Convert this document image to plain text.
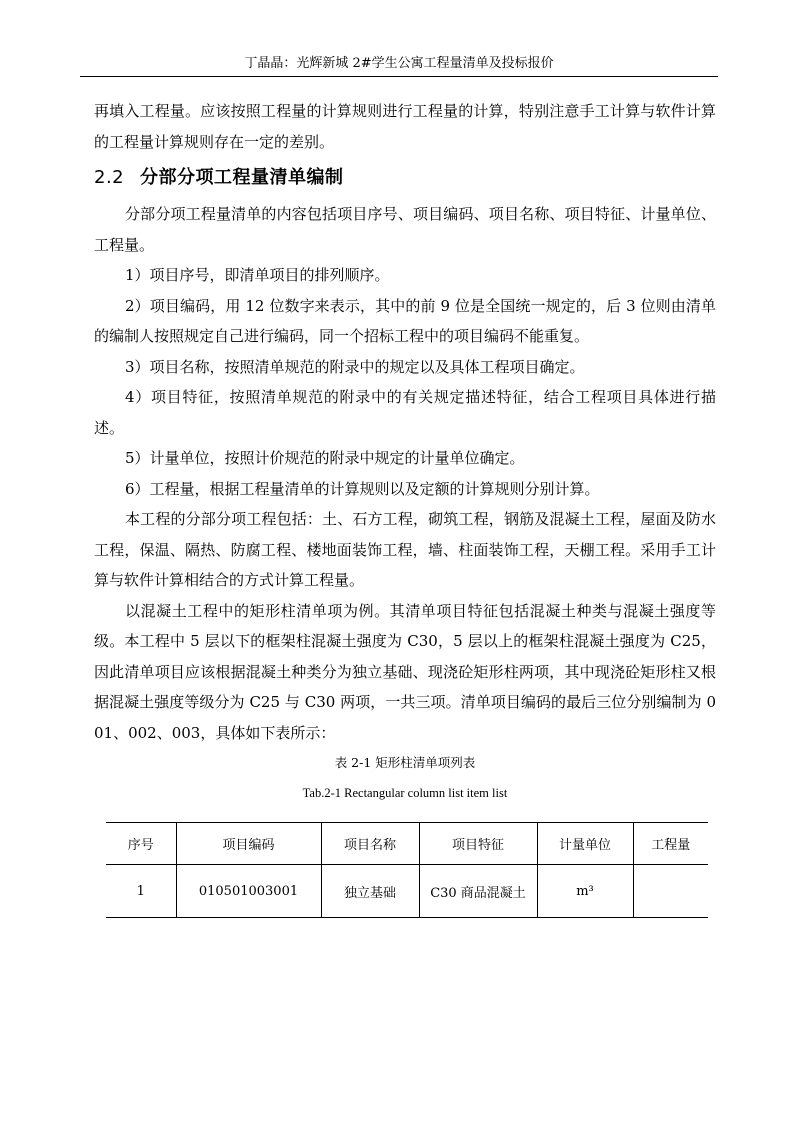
丁晶晶：光辉新城 2#学生公寓工程量清单及投标报价

再填入工程量。应该按照工程量的计算规则进行工程量的计算，特别注意手工计算与软件计算的工程量计算规则存在一定的差别。

2.2 分部分项工程量清单编制

分部分项工程量清单的内容包括项目序号、项目编码、项目名称、项目特征、计量单位、工程量。

1）项目序号，即清单项目的排列顺序。

2）项目编码，用 12 位数字来表示，其中的前 9 位是全国统一规定的，后 3 位则由清单的编制人按照规定自己进行编码，同一个招标工程中的项目编码不能重复。

3）项目名称，按照清单规范的附录中的规定以及具体工程项目确定。

4）项目特征，按照清单规范的附录中的有关规定描述特征，结合工程项目具体进行描述。

5）计量单位，按照计价规范的附录中规定的计量单位确定。

6）工程量，根据工程量清单的计算规则以及定额的计算规则分别计算。

本工程的分部分项工程包括：土、石方工程，砌筑工程，钢筋及混凝土工程，屋面及防水工程，保温、隔热、防腐工程、楼地面装饰工程，墙、柱面装饰工程，天棚工程。采用手工计算与软件计算相结合的方式计算工程量。

以混凝土工程中的矩形柱清单项为例。其清单项目特征包括混凝土种类与混凝土强度等级。本工程中 5 层以下的框架柱混凝土强度为 C30，5 层以上的框架柱混凝土强度为 C25，因此清单项目应该根据混凝土种类分为独立基础、现浇砼矩形柱两项，其中现浇砼矩形柱又根据混凝土强度等级分为 C25 与 C30 两项，一共三项。清单项目编码的最后三位分别编制为 001、002、003，具体如下表所示：

表 2-1 矩形柱清单项列表
Tab.2-1 Rectangular column list item list
序号	项目编码	项目名称	项目特征	计量单位	工程量
1	010501003001	独立基础	C30 商品混凝土	m³	
